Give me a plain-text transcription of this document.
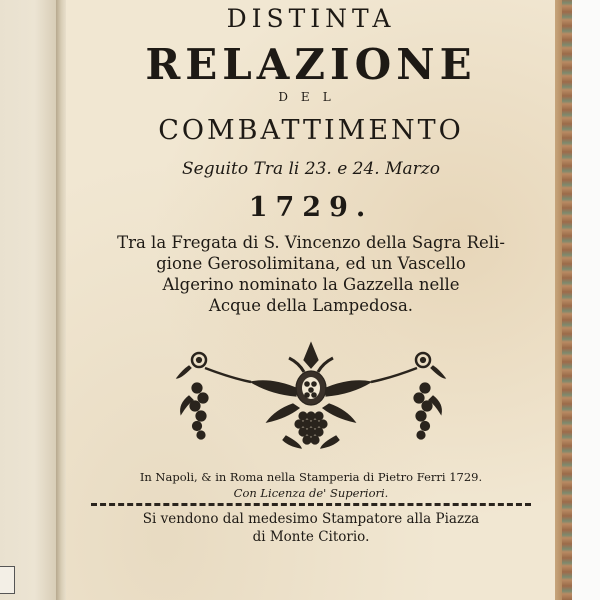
DISTINTA
RELAZIONE
DEL
COMBATTIMENTO
Seguito Tra li 23. e 24. Marzo
1729.
Tra la Fregata di S. Vincenzo della Sagra Reli-
gione Gerosolimitana, ed un Vascello
Algerino nominato la Gazzella nelle
Acque della Lampedosa.
In Napoli, & in Roma nella Stamperia di Pietro Ferri 1729.
Con Licenza de' Superiori.
Si vendono dal medesimo Stampatore alla Piazza
di Monte Citorio.
